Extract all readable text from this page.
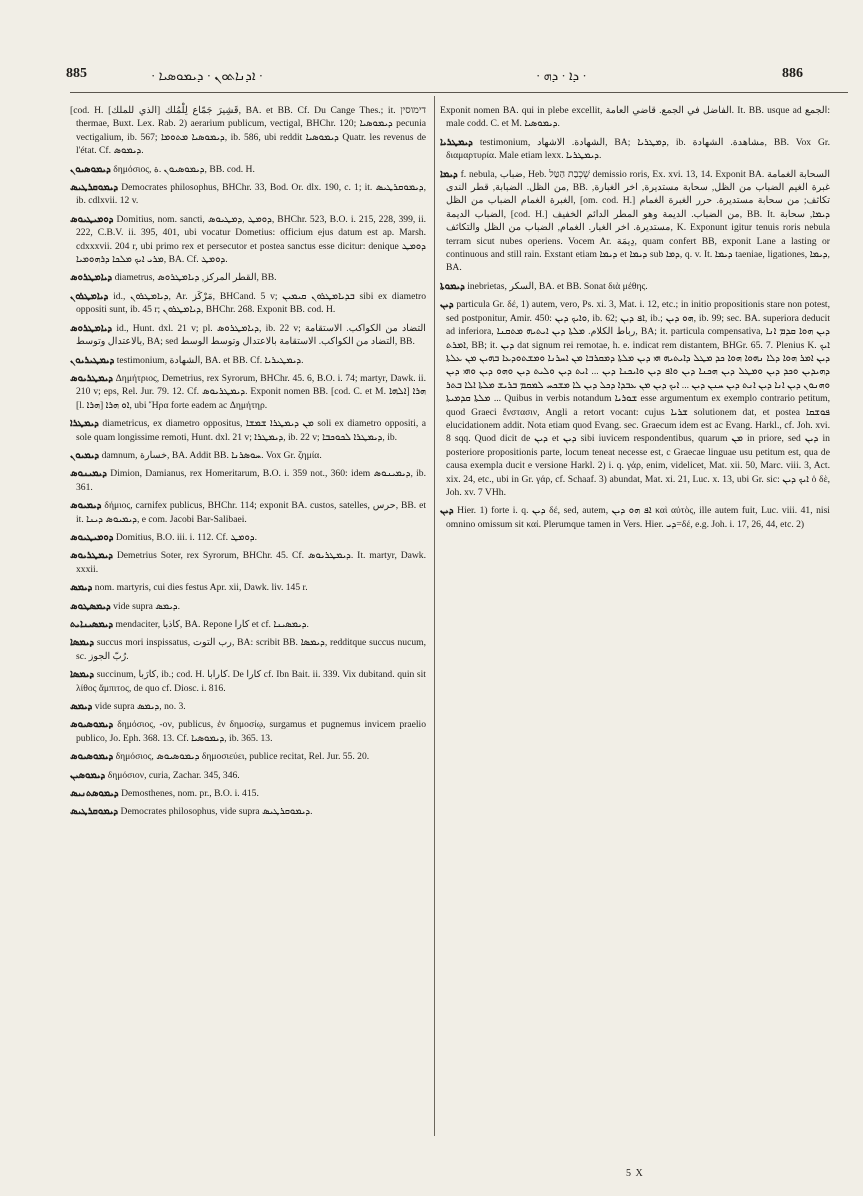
885	· ܐܕܢܐܬܘܢ · ܕܝܡܘܣܝܐ ·	· ܕܐ · ܕܗ ·	886

[cod. H. قَشِيرَ جَمّاع لِلْمُلك [الذي للملك], BA. et BB. Cf. Du Cange Thes.; it. דימוסין thermae, Buxt. Lex. Rab. 2) aerarium publicum, vectigal, BHChr. 120; ܕܝܡܘܣܝܐ pecunia vectigalium, ib. 567; ܕܝܡܘܣܝܐ ܡܬܘܡܐ, ib. 586, ubi reddit ܕܝܡܘܣܝܐ Quatr. les revenus de l'état. Cf. ܕܝܡܘܣ.

ܕܝܡܘܣܝܘܢ δημόσιος, ܕܝܡܘܣܝܘܢ .ة, BB. cod. H.

ܕܝܡܘܩܪܛܝܣ Democrates philosophus, BHChr. 33, Bod. Or. dlx. 190, c. 1; it. ܕܝܡܘܩܪܛܝܣ, ib. cdlxvii. 12 v.

ܕܘܡܝܛܝܘܣ Domitius, nom. sancti, ܕܘܡܛ ,ܕܡܛܝܘܣ, BHChr. 523, B.O. i. 215, 228, 399, ii. 222, C.B.V. ii. 395, 401, ubi vocatur Dometius: officium ejus datum est ap. Marsh. cdxxxvii. 204 r, ubi primo rex et persecutor et postea sanctus esse dicitur: denique ܕܘܡܛ ܡܪܝ ܐܝܟ ܡܠܟܐ ܕܪܗܘܡܝܐ, BA. Cf. ܕܘܡܛ.

ܕܝܐܡܛܪܘܣ diametrus, القطر المركز, ܕܝܐܡܛܪܘܣ, BB.

ܕܝܐܡܛܪܘܢ id., ܕܝܐܡܛܪܘܢ, Ar. مَرْكَز, BHCand. 5 v; ܒܕܝܐܡܛܪܘܢ ܩܝܡܝܢ sibi ex diametro oppositi sunt, ib. 45 r; ܕܝܐܡܛܪܘܢ, BHChr. 268. Exponit BB. cod. H.

ܕܝܐܡܛܪܘܣ id., Hunt. dxl. 21 v; pl. ܕܝܐܡܛܪܘܣ, ib. 22 v; التضاد من الكواكب. الاستقامة بالاعتدال وتوسط, BA; sed التضاد من الكواكب. الاستقامة بالاعتدال وتوسط الوسط, BB.

ܕܝܡܛܝܪܝܘܢ testimonium, الشهادة, BA. et BB. Cf. ܕܝܡܛܝܪܝܐ.

ܕܝܡܛܪܝܘܣ Δημήτριος, Demetrius, rex Syrorum, BHChr. 45. 6, B.O. i. 74; martyr, Dawk. ii. 210 v; eps, Rel. Jur. 79. 12. Cf. ܕܝܡܛܪܝܘܣ. Exponit nomen BB. [cod. C. et M. ܐܠܗܐ] ܗܪܐ [l. ܗܪܐ] ܐܘ ܗܪܐ, ubi Ἥρα forte eadem ac Δημήτηρ.

ܕܝܡܛܪܐ diametricus, ex diametro oppositus, ܡܢ ܕܝܡܛܪܐ ܫܡܫܐ soli ex diametro oppositi, a sole quam longissime remoti, Hunt. dxl. 21 v; ܕܝܡܛܪܐ, ib. 22 v; ܕܝܡܛܪܐ ܠܟܘܟܒܐ, ib.

ܕܝܡܝܘܢ damnum, خسارة, BA. Addit BB. ܚܘܣܪܢܐ. Vox Gr. ζημία.

ܕܝܡܝܢܘܣ Dimion, Damianus, rex Homeritarum, B.O. i. 359 not., 360: idem ܕܝܡܝܢܘܣ, ib. 361.

ܕܝܡܝܘܣ δήμιος, carnifex publicus, BHChr. 114; exponit BA. custos, satelles, حرس, BB. et it. ܕܝܡܝܘܣ ܕܝܢܐ, e com. Jacobi Bar-Salibaei.

ܕܘܡܝܛܝܘܣ Domitius, B.O. iii. i. 112. Cf. ܕܘܡܛ.

ܕܝܡܛܪܝܘܣ Demetrius Soter, rex Syrorum, BHChr. 45. Cf. ܕܝܡܛܪܝܘܣ. It. martyr, Dawk. xxxii.

ܕܝܡܣ nom. martyris, cui dies festus Apr. xii, Dawk. liv. 145 r.

ܕܝܡܣܛܘܣ vide supra ܕܝܡܣ.

ܕܝܡܣܝܢܐܝܬ mendaciter, كاذبا, BA. Repone كارا et cf. ܕܝܡܣܝܢܐ.

ܕܝܡܣܐ succus mori inspissatus, رب التوت, BA: scribit BB. ܕܝܡܣܐ, redditque succus nucum, sc. رُبّ الجوز.

ܕܝܡܣܐ succinum, كارَبا, ib.; cod. H. كارابا. De كارا cf. Ibn Bait. ii. 339. Vix dubitand. quin sit λίθος ἄμπιτος, de quo cf. Diosc. i. 816.

ܕܝܡܣ vide supra ܕܝܡܣ, no. 3.

ܕܝܡܘܣܝܘܣ δημόσιος, -ον, publicus, ἐν δημοσίῳ, surgamus et pugnemus invicem praelio publico, Jo. Eph. 368. 13. Cf. ܕܝܡܘܣܝܐ, ib. 365. 13.

ܕܝܡܘܣܝܘܣ δημόσιος, ܕܝܡܘܣܝܘܣ δημοσιεύει, publice recitat, Rel. Jur. 55. 20.

ܕܝܡܘܣܝܢ δημόσιον, curia, Zachar. 345, 346.

ܕܝܡܘܣܬܢܝܣ Demosthenes, nom. pr., B.O. i. 415.

ܕܝܡܘܩܪܛܝܣ Democrates philosophus, vide supra ܕܝܡܘܩܪܛܝܣ.

Exponit nomen BA. qui in plebe excellit, الفاضل في الجمع. قاضي العامة. It. BB. usque ad الجمع: male codd. C. et M. ܕܝܡܘܣܝܐ.

ܕܝܡܛܪܝܐ testimonium, الشهادة. الاشهاد, BA; ܕܡܛܪܝܐ, ib. مشاهدة. الشهادة, BB. Vox Gr. διαμαρτυρία. Male etiam lexx. ܕܝܡܛܪܝܐ.

ܕܝܡܐ f. nebula, ضباب, Heb. שְׁכְבַת הַטַּל demissio roris, Ex. xvi. 13, 14. Exponit BA. السحابة الغمامة من الظل. الضبابة, قطر الندى, BB. غبرة الغيم الضباب من الظل, سحابة مستديرة, اخر الغبارة, الغبرة الغمام الضباب من الظل, [om. cod. H.] تكاثف; من سحابة مستديرة. حرر الغبرة الغمام الضباب الديمة, [cod. H.] من الضباب. الديمة وهو المطر الدائم الخفيف, BB. It. ܕܝܡܐ, سحابة مستديرة. اخر الغبار. الغمام, الضباب من الظل والتكاثف, K. Exponunt igitur tenuis roris nebula terram sicut nubes operiens. Vocem Ar. دِيمَة, quam confert BB, exponit Lane a lasting or continuous and still rain. Exstant etiam ܕܝܡܐ et ܕܝܡܐ sub ܕܡܐ, q. v. It. ܕܝܡܐ taeniae, ligationes, ܕܝܡܐ, BA.

ܕܝܡܘܬܐ inebrietas, السكر, BA. et BB. Sonat διὰ μέθης.

ܕܝܢ particula Gr. δέ, 1) autem, vero, Ps. xi. 3, Mat. i. 12, etc.; in initio propositionis stare non potest, sed postponitur, Amir. 450: ܘܐܝܟ ܕܝܢ, ib. 62; ܐܦ ܕܝܢ, ib.; ܗܘ ܕܝܢ, ib. 99; sec. BA. superiora deducit ad inferiora, رباط الكلام. ܡܠܬܐ ܕܝܢ ܐܝܬܝܗ ܡܬܩܢܐ, BA; it. particula compensativa, ܕܝܢ ܗܘܐ ܩܕܡ ܐܢܐ ܐܡܪܬ, BB; it. ܕܝܢ dat signum rei remotae, h. e. indicat rem distantem, BHGr. 65. 7. Plenius K. ܐܝܟ ܕܝܢ ܐܡܪ ܗܘܐ ܕܠܐ ܢܗܘܐ ܗܘܐ ܟܕ ܡܛܠ ܕܐܝܬܝܗ ܗܝ ܕܝܢ ܡܠܬܐ ܕܡܩܪܒܐ ܡܢ ܐܚܪܢܐ ܘܡܫܬܘܕܥܐ ܒܗܝܢ ܡܢ ܥܠܬܐ ܕܗܝܕܝܢ ܘܟܕ ܕܝܢ ܘܡܛܠ ܕܝܢ ܗܟܢܐ ܕܝܢ ܘܐܦ ܕܝܢ ܘܐܝܟܢܐ ܕܝܢ ... ܐܝܬ ܕܝܢ ܘܠܝܬ ܕܝܢ ܘܗܘ ܕܝܢ ܘܗܝ ܕܝܢ ܘܗܢܘܢ ܕܝܢ ܐܢܐ ܕܝܢ ܐܢܬ ܕܝܢ ܚܢܢ ܕܝܢ ... ܐܝܟ ܕܝܢ ܡܢ ܥܒܕܐ ܕܟܠ ܕܝܢ ܠܐ ܡܫܟܚ ܠܡܩܡ ܒܪܝܫ ܡܠܬܐ ܐܠܐ ܒܬܪ ܡܠܬܐ ܩܕܡܝܬܐ ... Quibus in verbis notandum ܫܘܪܝܐ esse argumentum ex exemplo contrario petitum, quod Graeci ἔνστασιν, Angli a retort vocant: cujus ܫܪܝܐ solutionem dat, et postea ܦܘܫܩܐ elucidationem addit. Nota etiam quod Evang. sec. Graecum idem est ac Evang. Harkl., cf. Joh. xvi. 8 sqq. Quod dicit de ܕܝܢ et ܕܝܢ sibi iuvicem respondentibus, quarum ܡܢ in priore, sed ܕܝܢ in posteriore propositionis parte, locum teneat necesse est, c Graecae linguae usu petitum est, qua de causa exempla ducit e versione Harkl. 2) i. q. γάρ, enim, videlicet, Mat. xii. 50, Marc. viii. 3, Act. xix. 24, etc., ubi in Gr. γάρ, cf. Schaaf. 3) abundat, Mat. xi. 21, Luc. x. 13, ubi Gr. sic: ܐܝܟ ܕܝܢ ὁ δὲ, Joh. xv. 7 VHh.

ܕܝܢ Hier. 1) forte i. q. ܕܝܢ δέ, sed, autem, ܐܦ ܗܘ ܕܝܢ καὶ αὐτὸς, ille autem fuit, Luc. viii. 41, nisi omnino omissum sit καί. Plerumque tamen in Vers. Hier. ܕܝ=δέ, e.g. Joh. i. 17, 26, 44, etc. 2)

5 X
